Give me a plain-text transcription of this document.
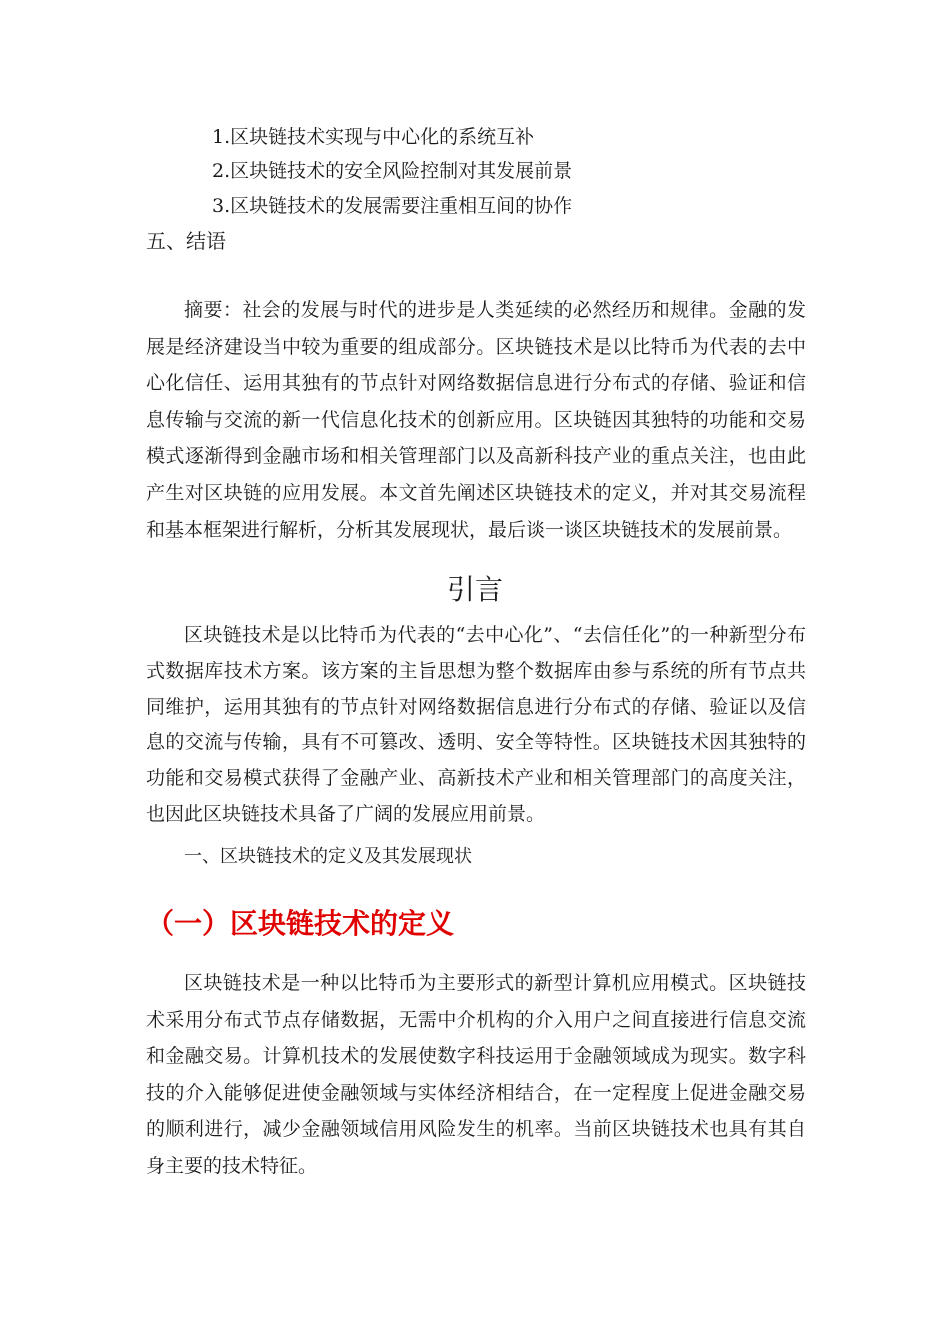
1.区块链技术实现与中心化的系统互补
2.区块链技术的安全风险控制对其发展前景
3.区块链技术的发展需要注重相互间的协作
五、结语

摘要：社会的发展与时代的进步是人类延续的必然经历和规律。金融的发展是经济建设当中较为重要的组成部分。区块链技术是以比特币为代表的去中心化信任、运用其独有的节点针对网络数据信息进行分布式的存储、验证和信息传输与交流的新一代信息化技术的创新应用。区块链因其独特的功能和交易模式逐渐得到金融市场和相关管理部门以及高新科技产业的重点关注，也由此产生对区块链的应用发展。本文首先阐述区块链技术的定义，并对其交易流程和基本框架进行解析，分析其发展现状，最后谈一谈区块链技术的发展前景。

引言

区块链技术是以比特币为代表的“去中心化”、“去信任化”的一种新型分布式数据库技术方案。该方案的主旨思想为整个数据库由参与系统的所有节点共同维护，运用其独有的节点针对网络数据信息进行分布式的存储、验证以及信息的交流与传输，具有不可篡改、透明、安全等特性。区块链技术因其独特的功能和交易模式获得了金融产业、高新技术产业和相关管理部门的高度关注，也因此区块链技术具备了广阔的发展应用前景。

一、区块链技术的定义及其发展现状
（一）区块链技术的定义

区块链技术是一种以比特币为主要形式的新型计算机应用模式。区块链技术采用分布式节点存储数据，无需中介机构的介入用户之间直接进行信息交流和金融交易。计算机技术的发展使数字科技运用于金融领域成为现实。数字科技的介入能够促进使金融领域与实体经济相结合，在一定程度上促进金融交易的顺利进行，减少金融领域信用风险发生的机率。当前区块链技术也具有其自身主要的技术特征。
